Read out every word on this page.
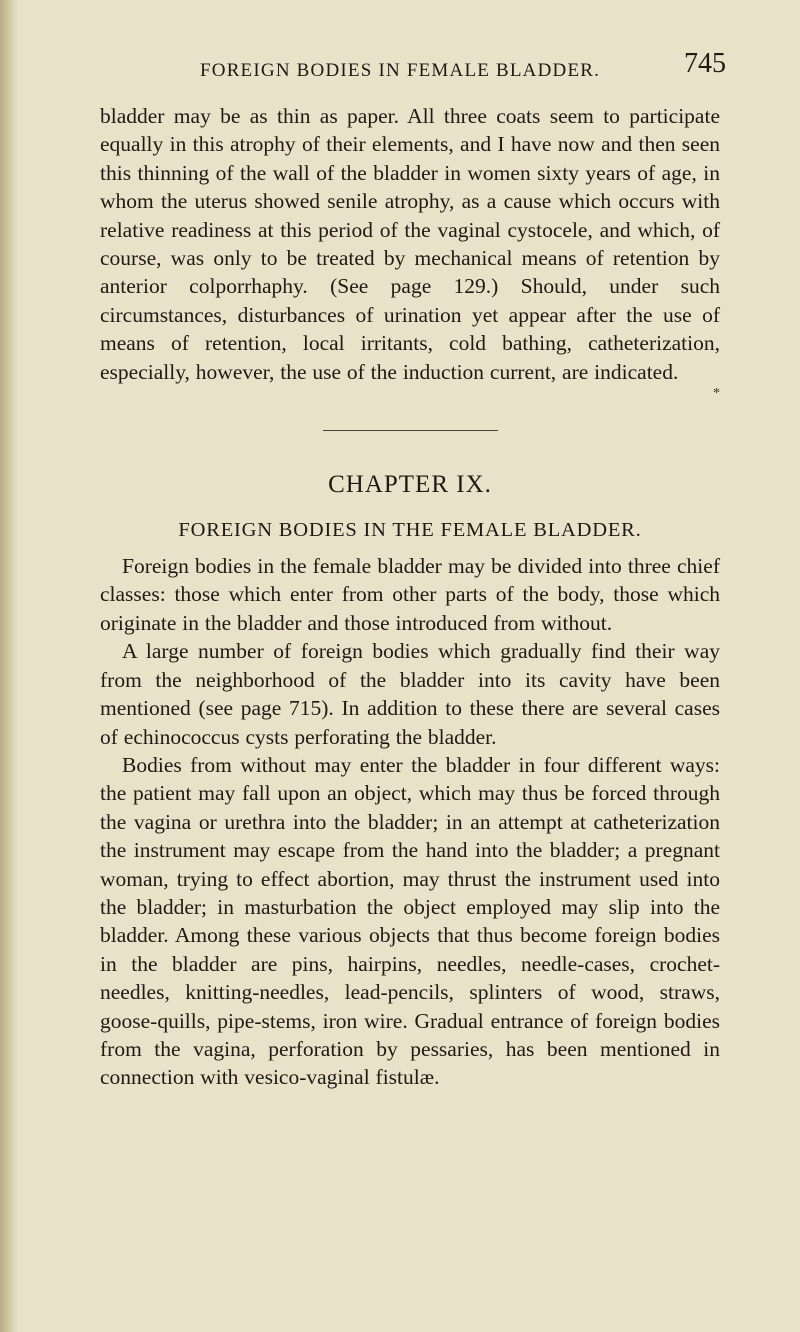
FOREIGN BODIES IN FEMALE BLADDER.	745

bladder may be as thin as paper. All three coats seem to participate equally in this atrophy of their elements, and I have now and then seen this thinning of the wall of the bladder in women sixty years of age, in whom the uterus showed senile atrophy, as a cause which occurs with relative readiness at this period of the vaginal cystocele, and which, of course, was only to be treated by mechanical means of retention by anterior colporrhaphy. (See page 129.) Should, under such circumstances, disturbances of urination yet appear after the use of means of retention, local irritants, cold bathing, catheterization, especially, however, the use of the induction current, are indicated.

*
CHAPTER IX.
FOREIGN BODIES IN THE FEMALE BLADDER.

Foreign bodies in the female bladder may be divided into three chief classes: those which enter from other parts of the body, those which originate in the bladder and those introduced from without.

A large number of foreign bodies which gradually find their way from the neighborhood of the bladder into its cavity have been mentioned (see page 715). In addition to these there are several cases of echinococcus cysts perforating the bladder.

Bodies from without may enter the bladder in four different ways: the patient may fall upon an object, which may thus be forced through the vagina or urethra into the bladder; in an attempt at catheterization the instrument may escape from the hand into the bladder; a pregnant woman, trying to effect abortion, may thrust the instrument used into the bladder; in masturbation the object employed may slip into the bladder. Among these various objects that thus become foreign bodies in the bladder are pins, hairpins, needles, needle-cases, crochet-needles, knitting-needles, lead-pencils, splinters of wood, straws, goose-quills, pipe-stems, iron wire. Gradual entrance of foreign bodies from the vagina, perforation by pessaries, has been mentioned in connection with vesico-vaginal fistulæ.
